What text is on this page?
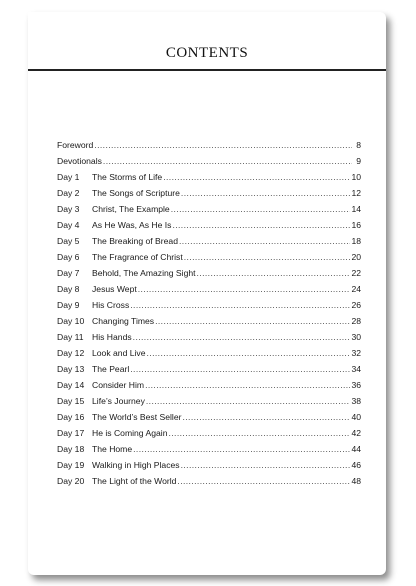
CONTENTS
Foreword .....	8
Devotionals .....	9
Day 1	The Storms of Life .....	10
Day 2	The Songs of Scripture .....	12
Day 3	Christ, The Example .....	14
Day 4	As He Was, As He Is .....	16
Day 5	The Breaking of Bread .....	18
Day 6	The Fragrance of Christ .....	20
Day 7	Behold, The Amazing Sight .....	22
Day 8	Jesus Wept .....	24
Day 9	His Cross .....	26
Day 10 Changing Times .....	28
Day 11 His Hands .....	30
Day 12 Look and Live .....	32
Day 13 The Pearl .....	34
Day 14 Consider Him .....	36
Day 15 Life’s Journey .....	38
Day 16 The World’s Best Seller .....	40
Day 17 He is Coming Again .....	42
Day 18 The Home .....	44
Day 19 Walking in High Places .....	46
Day 20 The Light of the World .....	48
